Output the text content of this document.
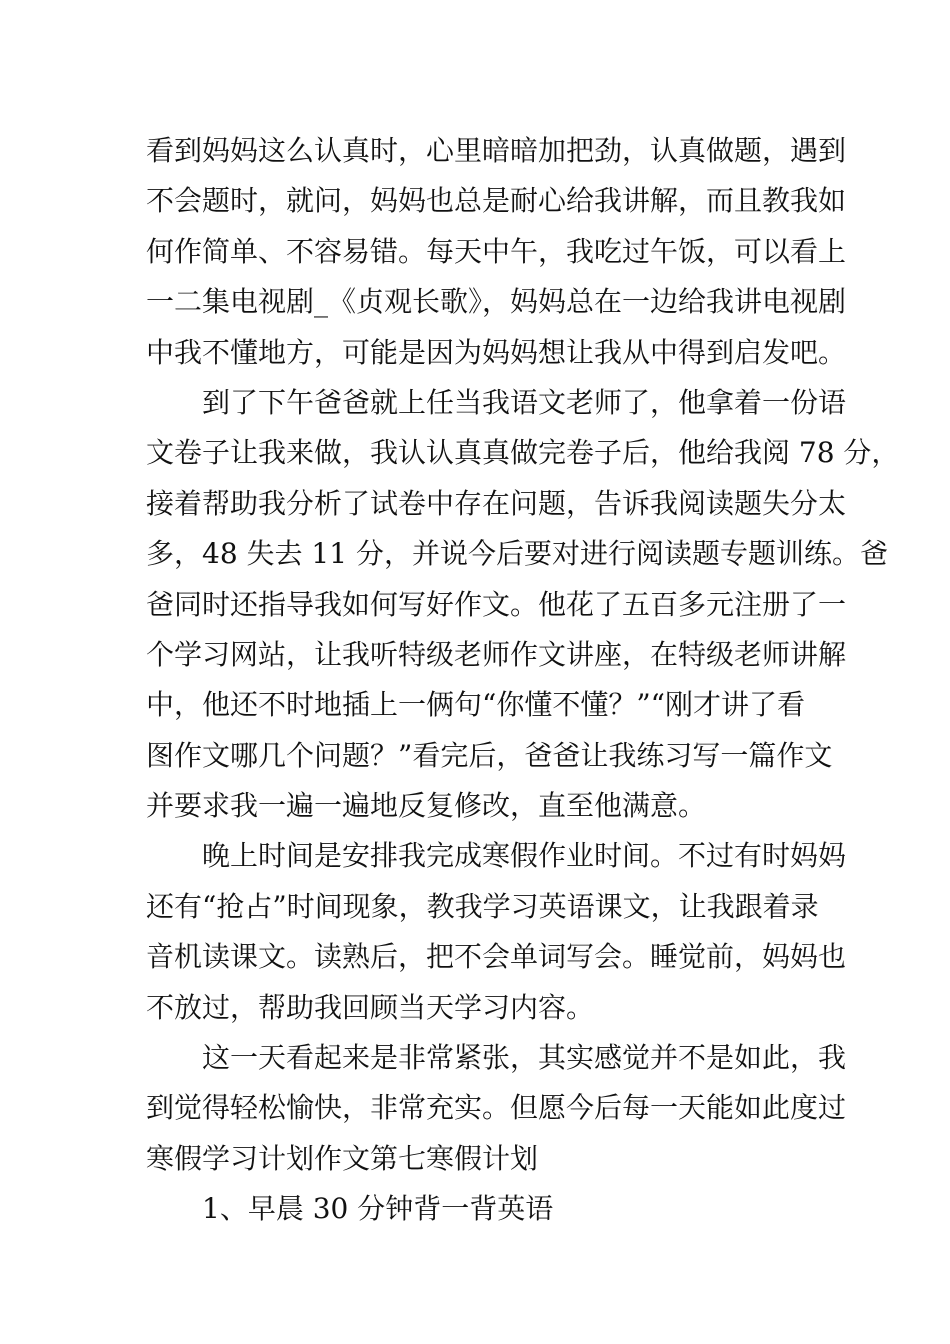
看到妈妈这么认真时，心里暗暗加把劲，认真做题，遇到
不会题时，就问，妈妈也总是耐心给我讲解，而且教我如
何作简单、不容易错。每天中午，我吃过午饭，可以看上
一二集电视剧_《贞观长歌》，妈妈总在一边给我讲电视剧
中我不懂地方，可能是因为妈妈想让我从中得到启发吧。
到了下午爸爸就上任当我语文老师了，他拿着一份语
文卷子让我来做，我认认真真做完卷子后，他给我阅 78 分，
接着帮助我分析了试卷中存在问题，告诉我阅读题失分太
多，48 失去 11 分，并说今后要对进行阅读题专题训练。爸
爸同时还指导我如何写好作文。他花了五百多元注册了一
个学习网站，让我听特级老师作文讲座，在特级老师讲解
中，他还不时地插上一俩句“你懂不懂？”“刚才讲了看
图作文哪几个问题？”看完后，爸爸让我练习写一篇作文
并要求我一遍一遍地反复修改，直至他满意。
晚上时间是安排我完成寒假作业时间。不过有时妈妈
还有“抢占”时间现象，教我学习英语课文，让我跟着录
音机读课文。读熟后，把不会单词写会。睡觉前，妈妈也
不放过，帮助我回顾当天学习内容。
这一天看起来是非常紧张，其实感觉并不是如此，我
到觉得轻松愉快，非常充实。但愿今后每一天能如此度过
寒假学习计划作文第七寒假计划
1、早晨 30 分钟背一背英语
